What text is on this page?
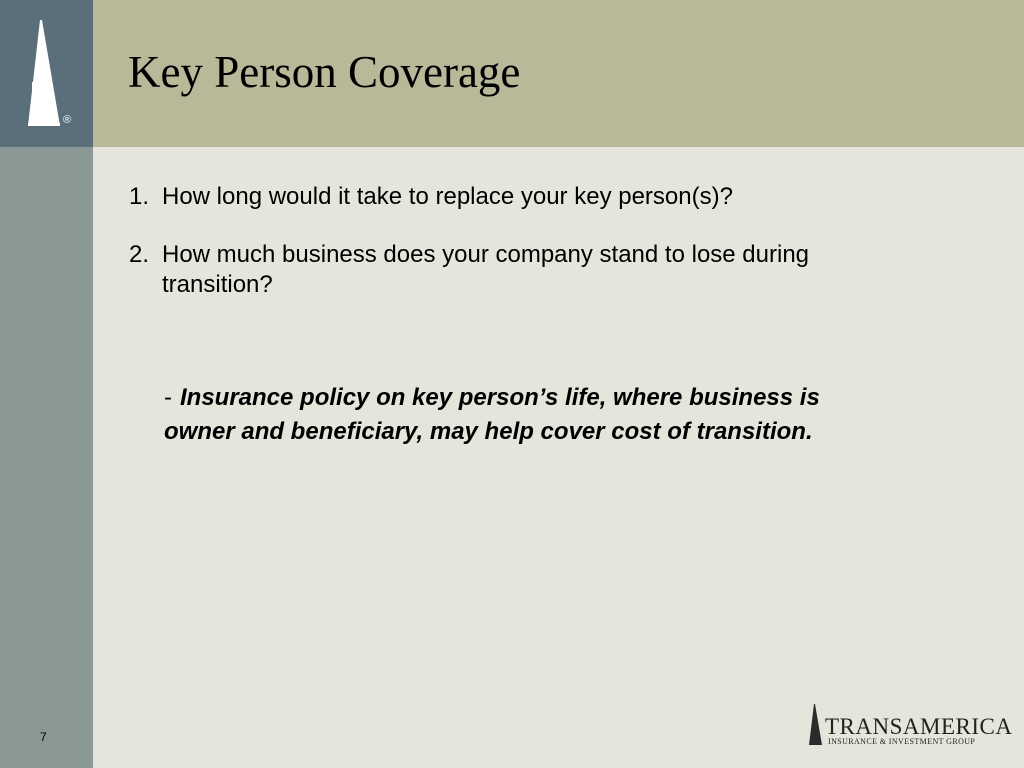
®
Key Person Coverage
1. How long would it take to replace your key person(s)?
2. How much business does your company stand to lose during transition?
- Insurance policy on key person’s life, where business is owner and beneficiary, may help cover cost of transition.
7	TRANSAMERICA
INSURANCE & INVESTMENT GROUP
